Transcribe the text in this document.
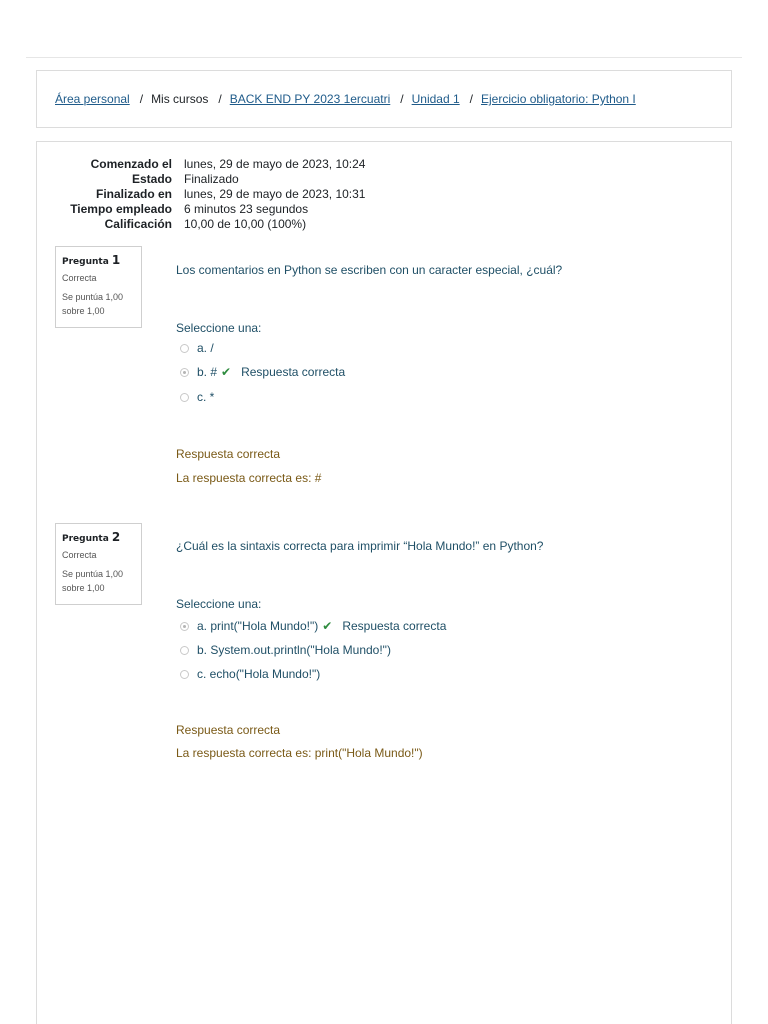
Área personal / Mis cursos / BACK END PY 2023 1ercuatri / Unidad 1 / Ejercicio obligatorio: Python I
Comenzado el lunes, 29 de mayo de 2023, 10:24
Estado Finalizado
Finalizado en lunes, 29 de mayo de 2023, 10:31
Tiempo empleado 6 minutos 23 segundos
Calificación 10,00 de 10,00 (100%)
Pregunta 1
Correcta
Se puntúa 1,00 sobre 1,00
Los comentarios en Python se escriben con un caracter especial, ¿cuál?
Seleccione una:
a. /
b. # ✔ Respuesta correcta
c. *
Respuesta correcta
La respuesta correcta es: #
Pregunta 2
Correcta
Se puntúa 1,00 sobre 1,00
¿Cuál es la sintaxis correcta para imprimir “Hola Mundo!” en Python?
Seleccione una:
a. print("Hola Mundo!") ✔ Respuesta correcta
b. System.out.println("Hola Mundo!")
c. echo("Hola Mundo!")
Respuesta correcta
La respuesta correcta es: print("Hola Mundo!")
